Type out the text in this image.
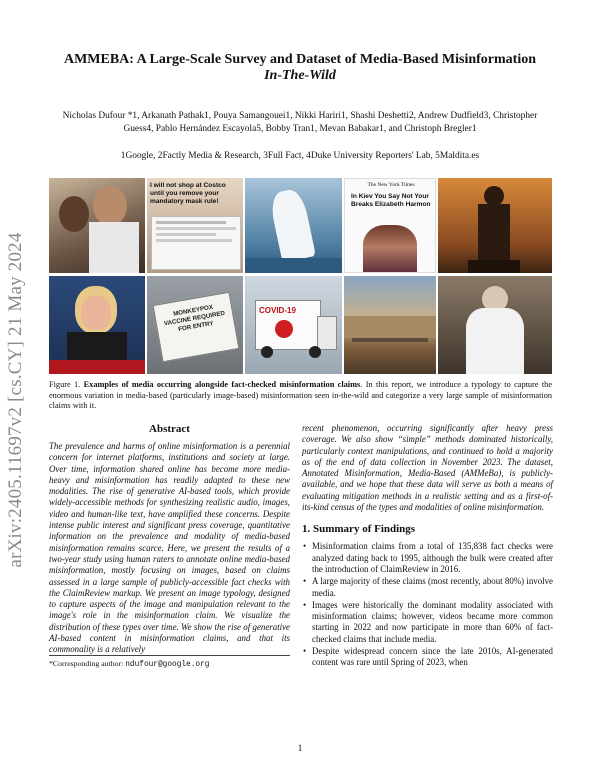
arXiv:2405.11697v2 [cs.CY] 21 May 2024
AMMEBA: A Large-Scale Survey and Dataset of Media-Based Misinformation
In-The-Wild
Nicholas Dufour *1, Arkanath Pathak1, Pouya Samangouei1, Nikki Hariri1, Shashi Deshetti2, Andrew Dudfield3, Christopher Guess4, Pablo Hernández Escayola5, Bobby Tran1, Mevan Babakar1, and Christoph Bregler1
1Google, 2Factly Media & Research, 3Full Fact, 4Duke University Reporters' Lab, 5Maldita.es
I will not shop at Costco until you remove your mandatory mask rule!
The New York Times
In Kiev You Say Not Your Breaks Elizabeth Harmon
MONKEYPOX VACCINE REQUIRED FOR ENTRY
COVID-19
Figure 1. Examples of media occurring alongside fact-checked misinformation claims. In this report, we introduce a typology to capture the enormous variation in media-based (particularly image-based) misinformation seen in-the-wild and categorize a very large sample of misinformation claims with it.
Abstract

The prevalence and harms of online misinformation is a perennial concern for internet platforms, institutions and society at large. Over time, information shared online has become more media-heavy and misinformation has readily adapted to these new modalities. The rise of generative AI-based tools, which provide widely-accessible methods for synthesizing realistic audio, images, video and human-like text, have amplified these concerns. Despite intense public interest and significant press coverage, quantitative information on the prevalence and modality of media-based misinformation remains scarce. Here, we present the results of a two-year study using human raters to annotate online media-based misinformation, mostly focusing on images, based on claims assessed in a large sample of publicly-accessible fact checks with the ClaimReview markup. We present an image typology, designed to capture aspects of the image and manipulation relevant to the image's role in the misinformation claim. We visualize the distribution of these types over time. We show the rise of generative AI-based content in misinformation claims, and that its commonality is a relatively

recent phenomenon, occurring significantly after heavy press coverage. We also show “simple” methods dominated historically, particularly context manipulations, and continued to hold a majority as of the end of data collection in November 2023. The dataset, Annotated Misinformation, Media-Based (AMMeBa), is publicly-available, and we hope that these data will serve as both a means of evaluating mitigation methods in a realistic setting and as a first-of-its-kind census of the types and modalities of online misinformation.

1. Summary of Findings
• Misinformation claims from a total of 135,838 fact checks were analyzed dating back to 1995, although the bulk were created after the introduction of ClaimReview in 2016.
• A large majority of these claims (most recently, about 80%) involve media.
• Images were historically the dominant modality associated with misinformation claims; however, videos became more common starting in 2022 and now participate in more than 60% of fact-checked claims that include media.
• Despite widespread concern since the late 2010s, AI-generated content was rare until Spring of 2023, when
*Corresponding author: ndufour@google.org
1
